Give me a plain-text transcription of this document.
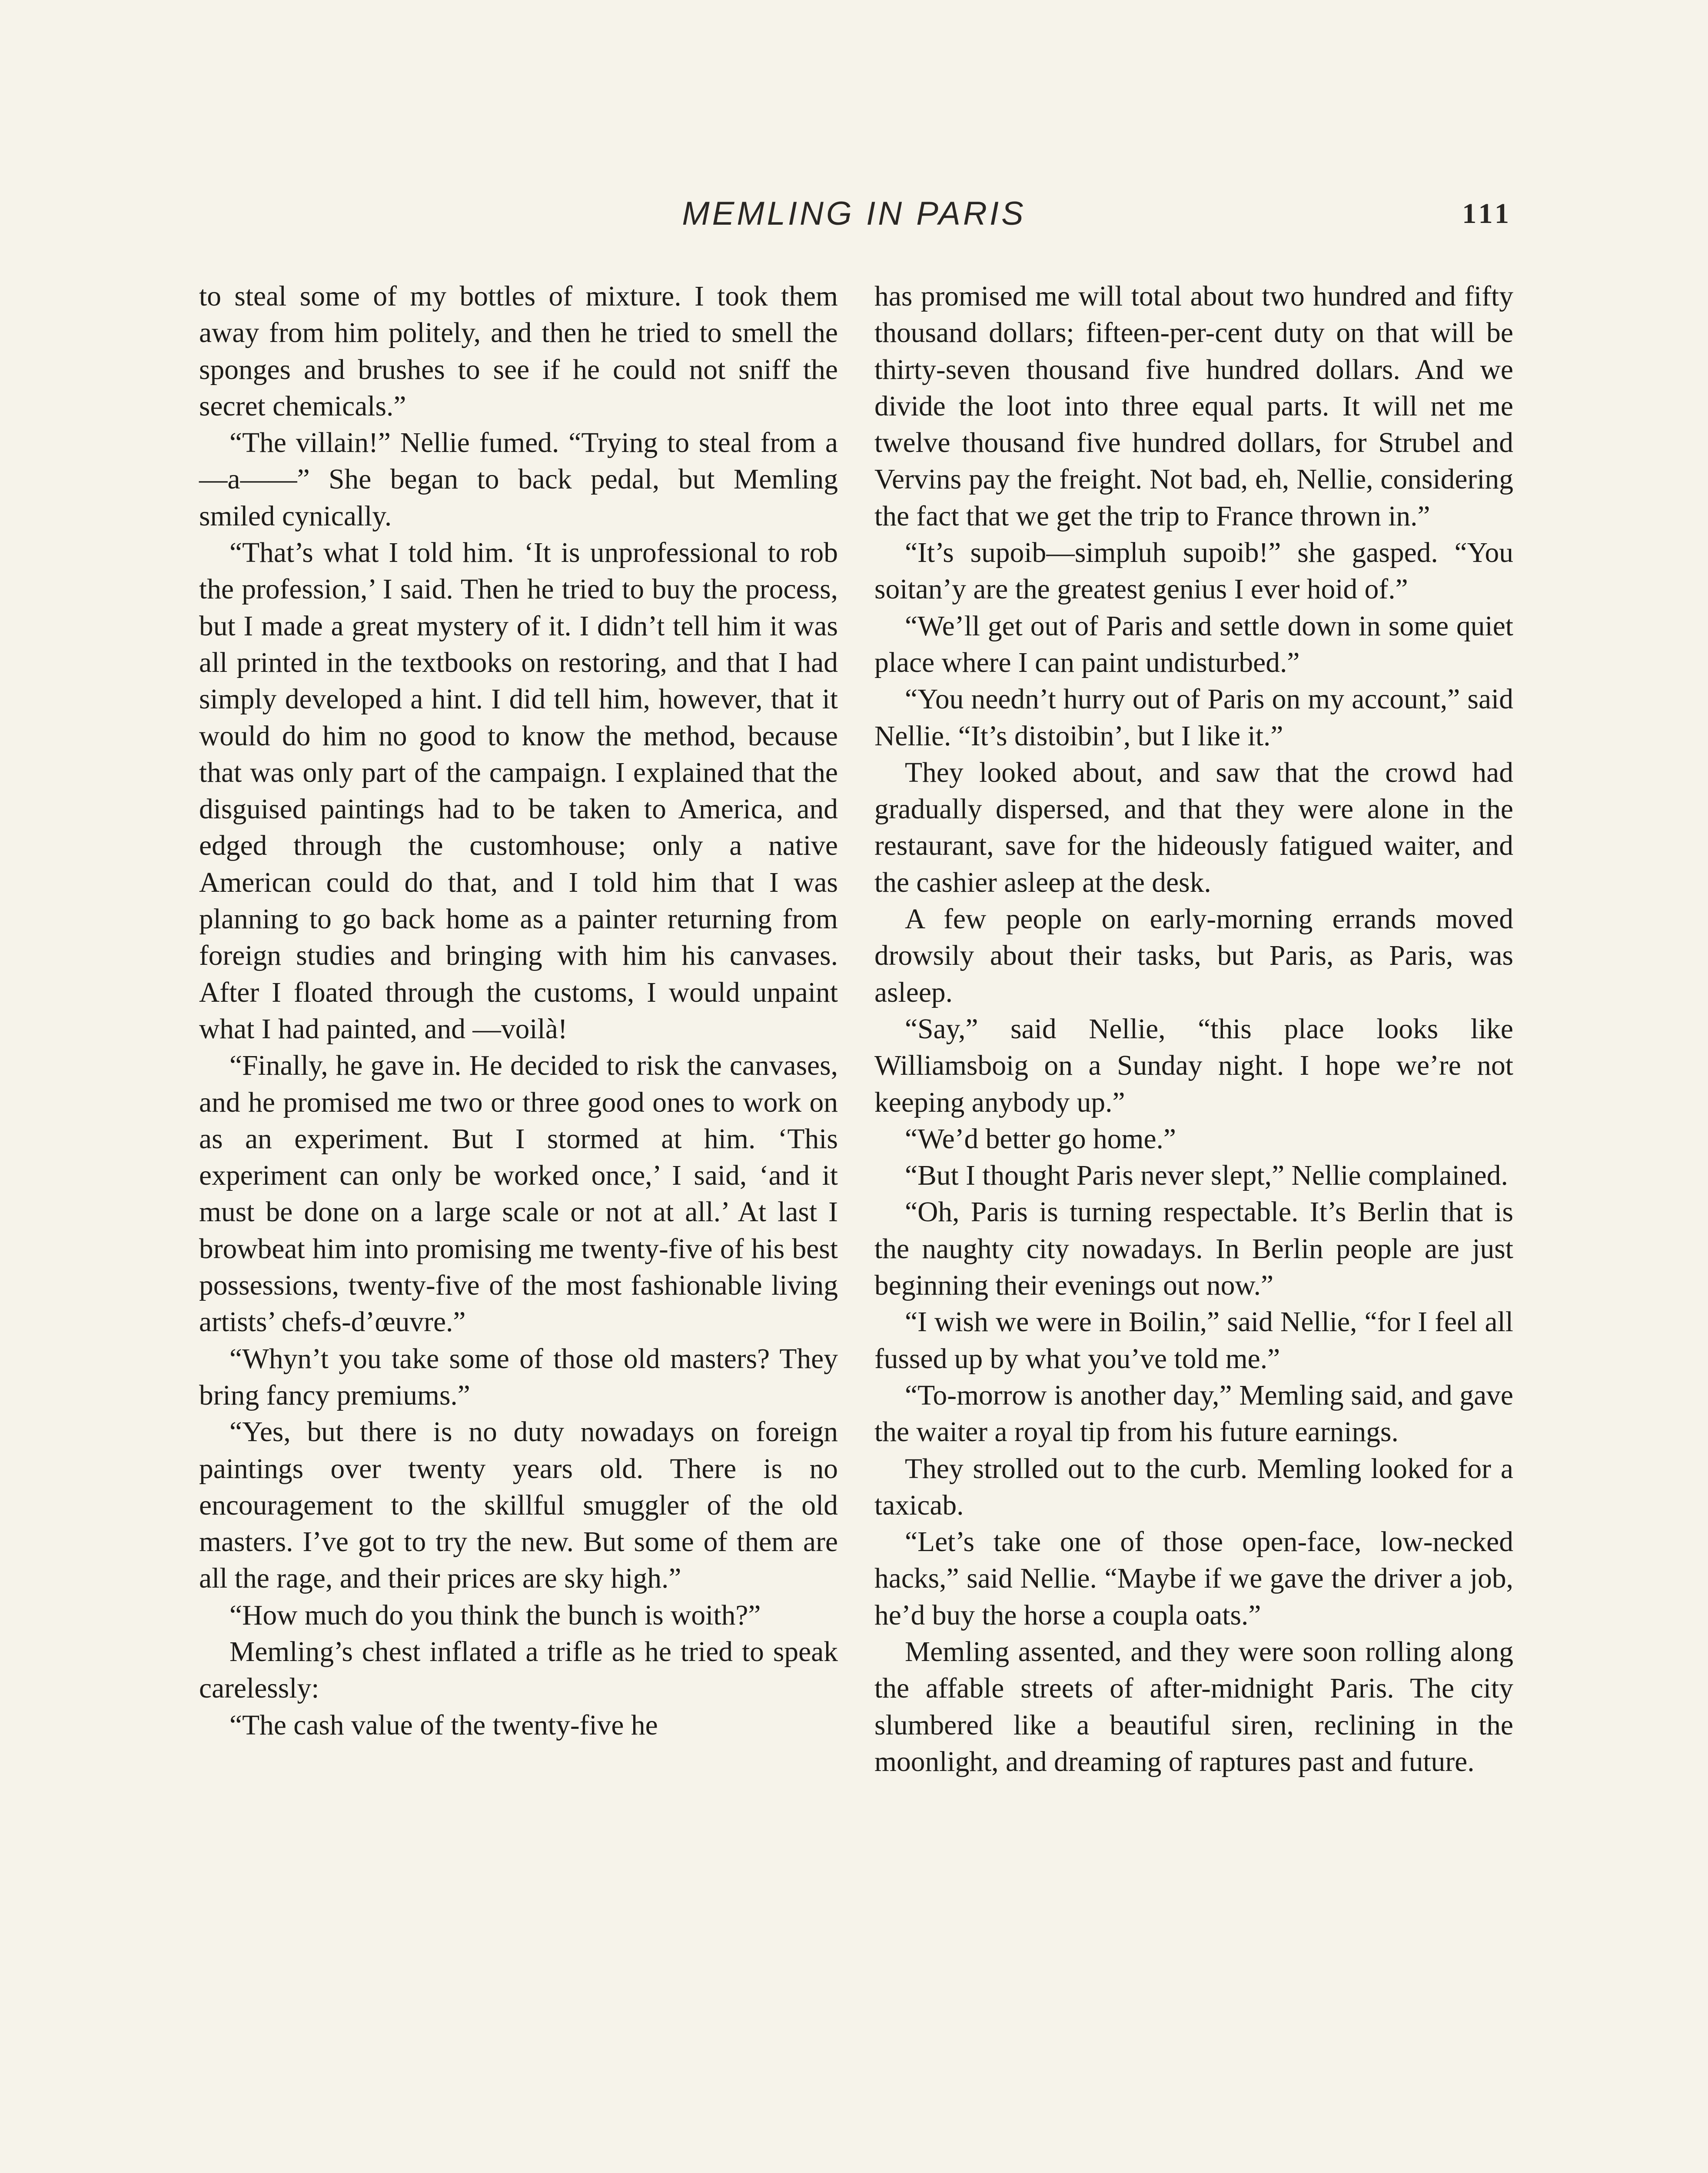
MEMLING IN PARIS	111

to steal some of my bottles of mixture. I took them away from him politely, and then he tried to smell the sponges and brushes to see if he could not sniff the secret chemicals.”

“The villain!” Nellie fumed. “Trying to steal from a—a——” She began to back pedal, but Memling smiled cynically.

“That’s what I told him. ‘It is unprofessional to rob the profession,’ I said. Then he tried to buy the process, but I made a great mystery of it. I didn’t tell him it was all printed in the textbooks on restoring, and that I had simply developed a hint. I did tell him, however, that it would do him no good to know the method, because that was only part of the campaign. I explained that the disguised paintings had to be taken to America, and edged through the customhouse; only a native American could do that, and I told him that I was planning to go back home as a painter returning from foreign studies and bringing with him his canvases. After I floated through the customs, I would unpaint what I had painted, and —voilà!

“Finally, he gave in. He decided to risk the canvases, and he promised me two or three good ones to work on as an experiment. But I stormed at him. ‘This experiment can only be worked once,’ I said, ‘and it must be done on a large scale or not at all.’ At last I browbeat him into promising me twenty-five of his best possessions, twenty-five of the most fashionable living artists’ chefs-d’œuvre.”

“Whyn’t you take some of those old masters? They bring fancy premiums.”

“Yes, but there is no duty nowadays on foreign paintings over twenty years old. There is no encouragement to the skillful smuggler of the old masters. I’ve got to try the new. But some of them are all the rage, and their prices are sky high.”

“How much do you think the bunch is woith?”

Memling’s chest inflated a trifle as he tried to speak carelessly:

“The cash value of the twenty-five he

has promised me will total about two hundred and fifty thousand dollars; fifteen-per-cent duty on that will be thirty-seven thousand five hundred dollars. And we divide the loot into three equal parts. It will net me twelve thousand five hundred dollars, for Strubel and Vervins pay the freight. Not bad, eh, Nellie, considering the fact that we get the trip to France thrown in.”

“It’s supoib—simpluh supoib!” she gasped. “You soitan’y are the greatest genius I ever hoid of.”

“We’ll get out of Paris and settle down in some quiet place where I can paint undisturbed.”

“You needn’t hurry out of Paris on my account,” said Nellie. “It’s distoibin’, but I like it.”

They looked about, and saw that the crowd had gradually dispersed, and that they were alone in the restaurant, save for the hideously fatigued waiter, and the cashier asleep at the desk.

A few people on early-morning errands moved drowsily about their tasks, but Paris, as Paris, was asleep.

“Say,” said Nellie, “this place looks like Williamsboig on a Sunday night. I hope we’re not keeping anybody up.”

“We’d better go home.”

“But I thought Paris never slept,” Nellie complained.

“Oh, Paris is turning respectable. It’s Berlin that is the naughty city nowadays. In Berlin people are just beginning their evenings out now.”

“I wish we were in Boilin,” said Nellie, “for I feel all fussed up by what you’ve told me.”

“To-morrow is another day,” Memling said, and gave the waiter a royal tip from his future earnings.

They strolled out to the curb. Memling looked for a taxicab.

“Let’s take one of those open-face, low-necked hacks,” said Nellie. “Maybe if we gave the driver a job, he’d buy the horse a coupla oats.”

Memling assented, and they were soon rolling along the affable streets of after-midnight Paris. The city slumbered like a beautiful siren, reclining in the moonlight, and dreaming of raptures past and future.
